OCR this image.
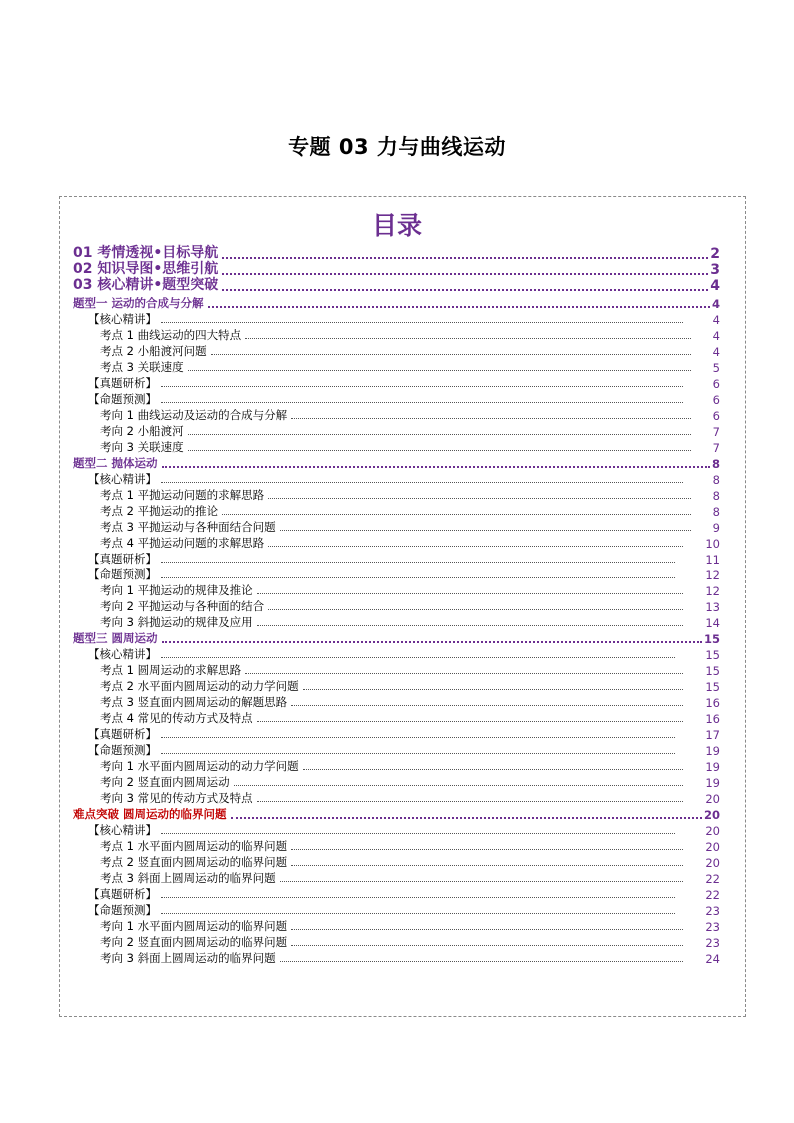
专题 03 力与曲线运动
目录
01 考情透视•目标导航	2
02 知识导图•思维引航	3
03 核心精讲•题型突破	4
题型一 运动的合成与分解	4
【核心精讲】	4
考点 1 曲线运动的四大特点	4
考点 2 小船渡河问题	4
考点 3 关联速度	5
【真题研析】	6
【命题预测】	6
考向 1 曲线运动及运动的合成与分解	6
考向 2 小船渡河	7
考向 3 关联速度	7
题型二 抛体运动	8
【核心精讲】	8
考点 1 平抛运动问题的求解思路	8
考点 2 平抛运动的推论	8
考点 3 平抛运动与各种面结合问题	9
考点 4 平抛运动问题的求解思路	10
【真题研析】	11
【命题预测】	12
考向 1 平抛运动的规律及推论	12
考向 2 平抛运动与各种面的结合	13
考向 3 斜抛运动的规律及应用	14
题型三 圆周运动	15
【核心精讲】	15
考点 1 圆周运动的求解思路	15
考点 2 水平面内圆周运动的动力学问题	15
考点 3 竖直面内圆周运动的解题思路	16
考点 4 常见的传动方式及特点	16
【真题研析】	17
【命题预测】	19
考向 1 水平面内圆周运动的动力学问题	19
考向 2 竖直面内圆周运动	19
考向 3 常见的传动方式及特点	20
难点突破 圆周运动的临界问题	20
【核心精讲】	20
考点 1 水平面内圆周运动的临界问题	20
考点 2 竖直面内圆周运动的临界问题	20
考点 3 斜面上圆周运动的临界问题	22
【真题研析】	22
【命题预测】	23
考向 1 水平面内圆周运动的临界问题	23
考向 2 竖直面内圆周运动的临界问题	23
考向 3 斜面上圆周运动的临界问题	24
